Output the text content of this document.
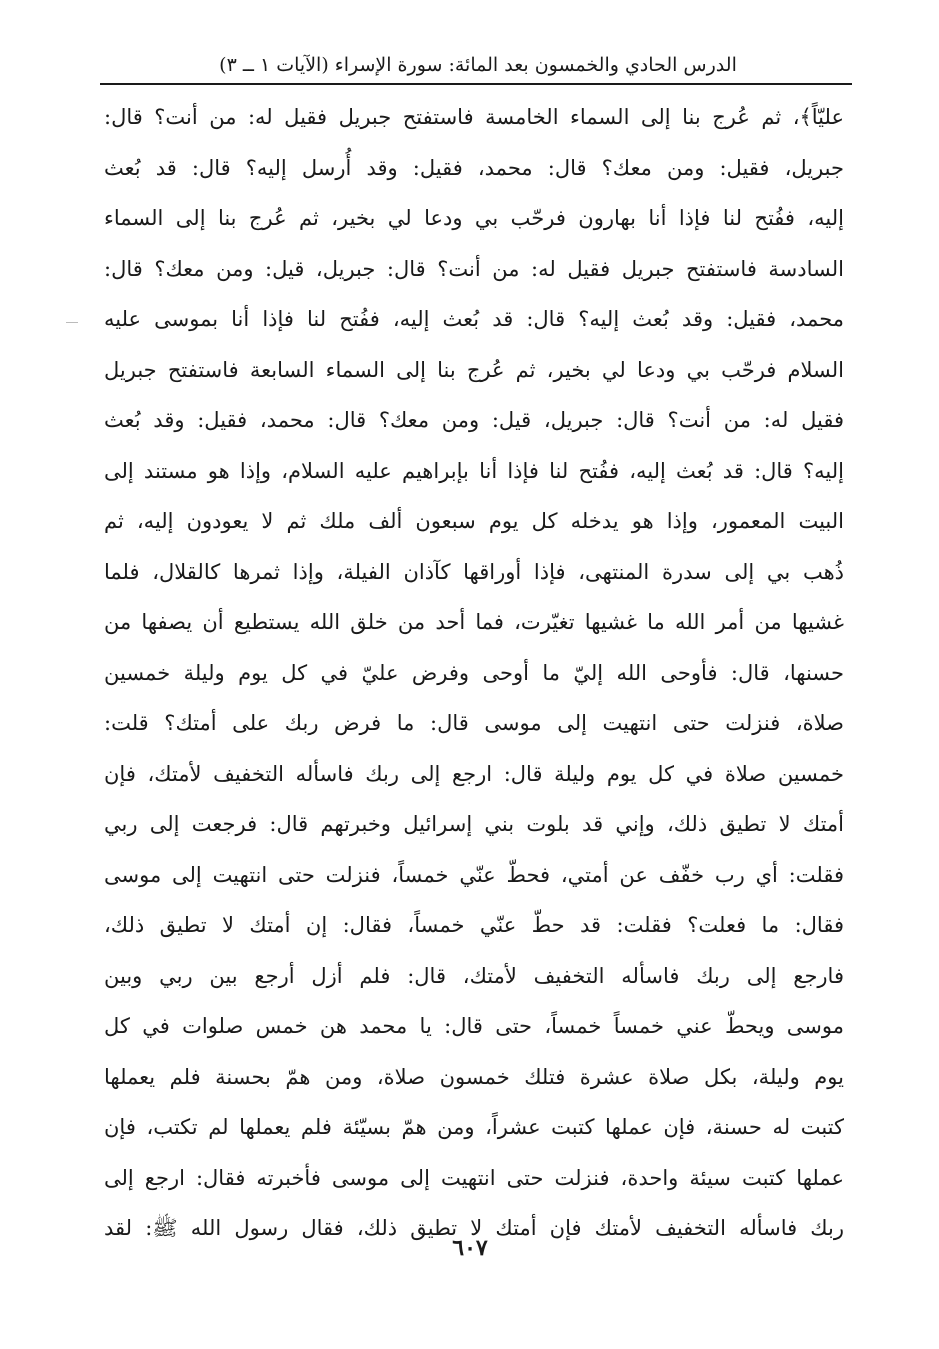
الدرس الحادي والخمسون بعد المائة: سورة الإسراء (الآيات ١ ــ ٣)
عليّاً﴾، ثم عُرج بنا إلى السماء الخامسة فاستفتح جبريل فقيل له: من أنت؟ قال:
جبريل، فقيل: ومن معك؟ قال: محمد، فقيل: وقد أُرسل إليه؟ قال: قد بُعث
إليه، ففُتح لنا فإذا أنا بهارون فرحّب بي ودعا لي بخير، ثم عُرج بنا إلى السماء
السادسة فاستفتح جبريل فقيل له: من أنت؟ قال: جبريل، قيل: ومن معك؟ قال:
محمد، فقيل: وقد بُعث إليه؟ قال: قد بُعث إليه، ففُتح لنا فإذا أنا بموسى عليه
السلام فرحّب بي ودعا لي بخير، ثم عُرج بنا إلى السماء السابعة فاستفتح جبريل
فقيل له: من أنت؟ قال: جبريل، قيل: ومن معك؟ قال: محمد، فقيل: وقد بُعث
إليه؟ قال: قد بُعث إليه، ففُتح لنا فإذا أنا بإبراهيم عليه السلام، وإذا هو مستند إلى
البيت المعمور، وإذا هو يدخله كل يوم سبعون ألف ملك ثم لا يعودون إليه، ثم
ذُهب بي إلى سدرة المنتهى، فإذا أوراقها كآذان الفيلة، وإذا ثمرها كالقلال، فلما
غشيها من أمر الله ما غشيها تغيّرت، فما أحد من خلق الله يستطيع أن يصفها من
حسنها، قال: فأوحى الله إليّ ما أوحى وفرض عليّ في كل يوم وليلة خمسين
صلاة، فنزلت حتى انتهيت إلى موسى قال: ما فرض ربك على أمتك؟ قلت:
خمسين صلاة في كل يوم وليلة قال: ارجع إلى ربك فاسأله التخفيف لأمتك، فإن
أمتك لا تطيق ذلك، وإني قد بلوت بني إسرائيل وخبرتهم قال: فرجعت إلى ربي
فقلت: أي رب خفّف عن أمتي، فحطّ عنّي خمساً، فنزلت حتى انتهيت إلى موسى
فقال: ما فعلت؟ فقلت: قد حطّ عنّي خمساً، فقال: إن أمتك لا تطيق ذلك،
فارجع إلى ربك فاسأله التخفيف لأمتك، قال: فلم أزل أرجع بين ربي وبين
موسى ويحطّ عني خمساً خمساً، حتى قال: يا محمد هن خمس صلوات في كل
يوم وليلة، بكل صلاة عشرة فتلك خمسون صلاة، ومن همّ بحسنة فلم يعملها
كتبت له حسنة، فإن عملها كتبت عشراً، ومن همّ بسيّئة فلم يعملها لم تكتب، فإن
عملها كتبت سيئة واحدة، فنزلت حتى انتهيت إلى موسى فأخبرته فقال: ارجع إلى
ربك فاسأله التخفيف لأمتك فإن أمتك لا تطيق ذلك، فقال رسول الله ﷺ: لقد
٦٠٧
